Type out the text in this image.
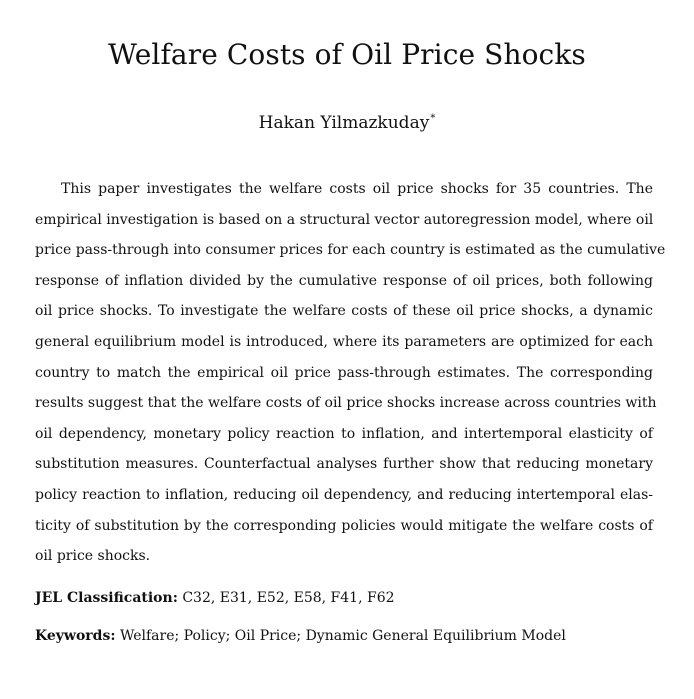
Welfare Costs of Oil Price Shocks
Hakan Yilmazkuday*
This paper investigates the welfare costs oil price shocks for 35 countries. The
empirical investigation is based on a structural vector autoregression model, where oil
price pass-through into consumer prices for each country is estimated as the cumulative
response of inflation divided by the cumulative response of oil prices, both following
oil price shocks. To investigate the welfare costs of these oil price shocks, a dynamic
general equilibrium model is introduced, where its parameters are optimized for each
country to match the empirical oil price pass-through estimates. The corresponding
results suggest that the welfare costs of oil price shocks increase across countries with
oil dependency, monetary policy reaction to inflation, and intertemporal elasticity of
substitution measures. Counterfactual analyses further show that reducing monetary
policy reaction to inflation, reducing oil dependency, and reducing intertemporal elas-
ticity of substitution by the corresponding policies would mitigate the welfare costs of
oil price shocks.
JEL Classification: C32, E31, E52, E58, F41, F62
Keywords: Welfare; Policy; Oil Price; Dynamic General Equilibrium Model
